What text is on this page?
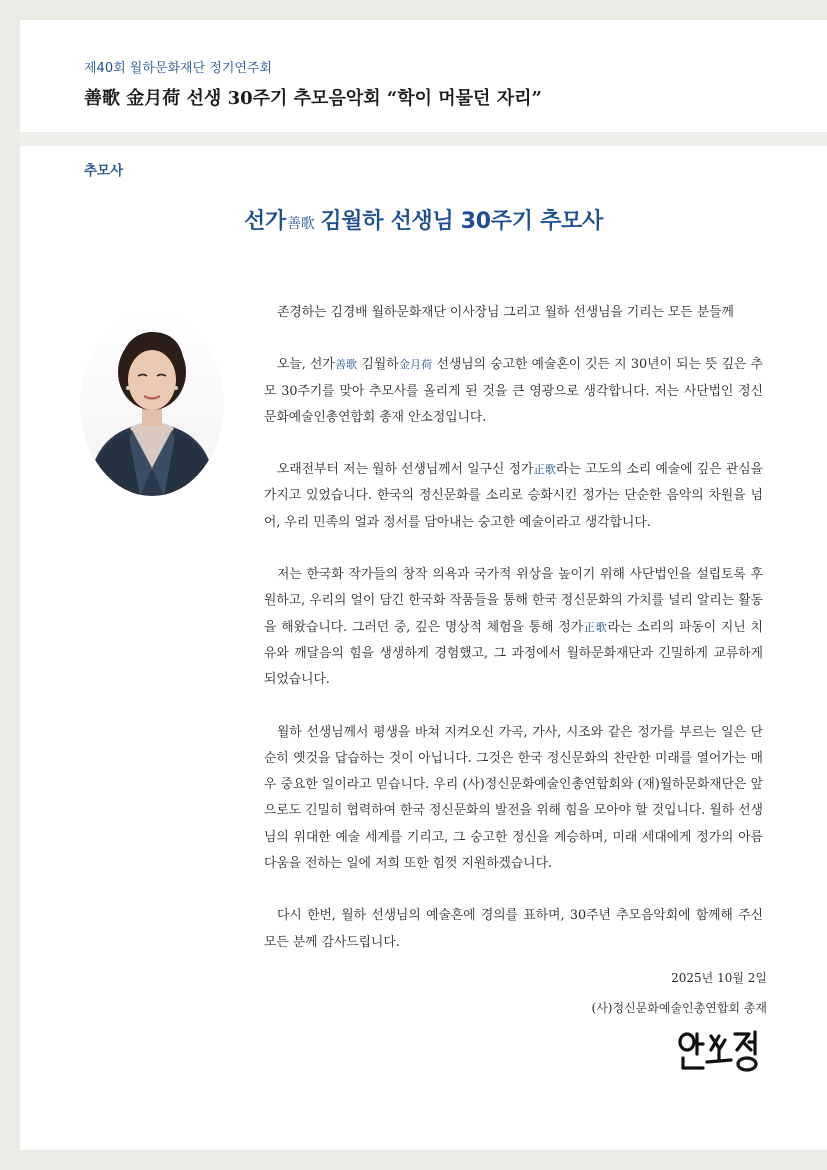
제40회 월하문화재단 정기연주회
善歌 金月荷 선생 30주기 추모음악회 “학이 머물던 자리”
추모사
선가善歌 김월하 선생님 30주기 추모사

존경하는 김경배 월하문화재단 이사장님 그리고 월하 선생님을 기리는 모든 분들께

오늘, 선가善歌 김월하金月荷 선생님의 숭고한 예술혼이 깃든 지 30년이 되는 뜻 깊은 추모 30주기를 맞아 추모사를 올리게 된 것을 큰 영광으로 생각합니다. 저는 사단법인 정신문화예술인총연합회 총재 안소정입니다.

오래전부터 저는 월하 선생님께서 일구신 정가正歌라는 고도의 소리 예술에 깊은 관심을 가지고 있었습니다. 한국의 정신문화를 소리로 승화시킨 정가는 단순한 음악의 차원을 넘어, 우리 민족의 얼과 정서를 담아내는 숭고한 예술이라고 생각합니다.

저는 한국화 작가들의 창작 의욕과 국가적 위상을 높이기 위해 사단법인을 설립토록 후원하고, 우리의 얼이 담긴 한국화 작품들을 통해 한국 정신문화의 가치를 널리 알리는 활동을 해왔습니다. 그러던 중, 깊은 명상적 체험을 통해 정가正歌라는 소리의 파동이 지닌 치유와 깨달음의 힘을 생생하게 경험했고, 그 과정에서 월하문화재단과 긴밀하게 교류하게 되었습니다.

월하 선생님께서 평생을 바쳐 지켜오신 가곡, 가사, 시조와 같은 정가를 부르는 일은 단순히 옛것을 답습하는 것이 아닙니다. 그것은 한국 정신문화의 찬란한 미래를 열어가는 매우 중요한 일이라고 믿습니다. 우리 (사)정신문화예술인총연합회와 (재)월하문화재단은 앞으로도 긴밀히 협력하여 한국 정신문화의 발전을 위해 힘을 모아야 할 것입니다. 월하 선생님의 위대한 예술 세계를 기리고, 그 숭고한 정신을 계승하며, 미래 세대에게 정가의 아름다움을 전하는 일에 저희 또한 힘껏 지원하겠습니다.

다시 한번, 월하 선생님의 예술혼에 경의를 표하며, 30주년 추모음악회에 함께해 주신 모든 분께 감사드립니다.

2025년 10월 2일
(사)정신문화예술인총연합회 총재
